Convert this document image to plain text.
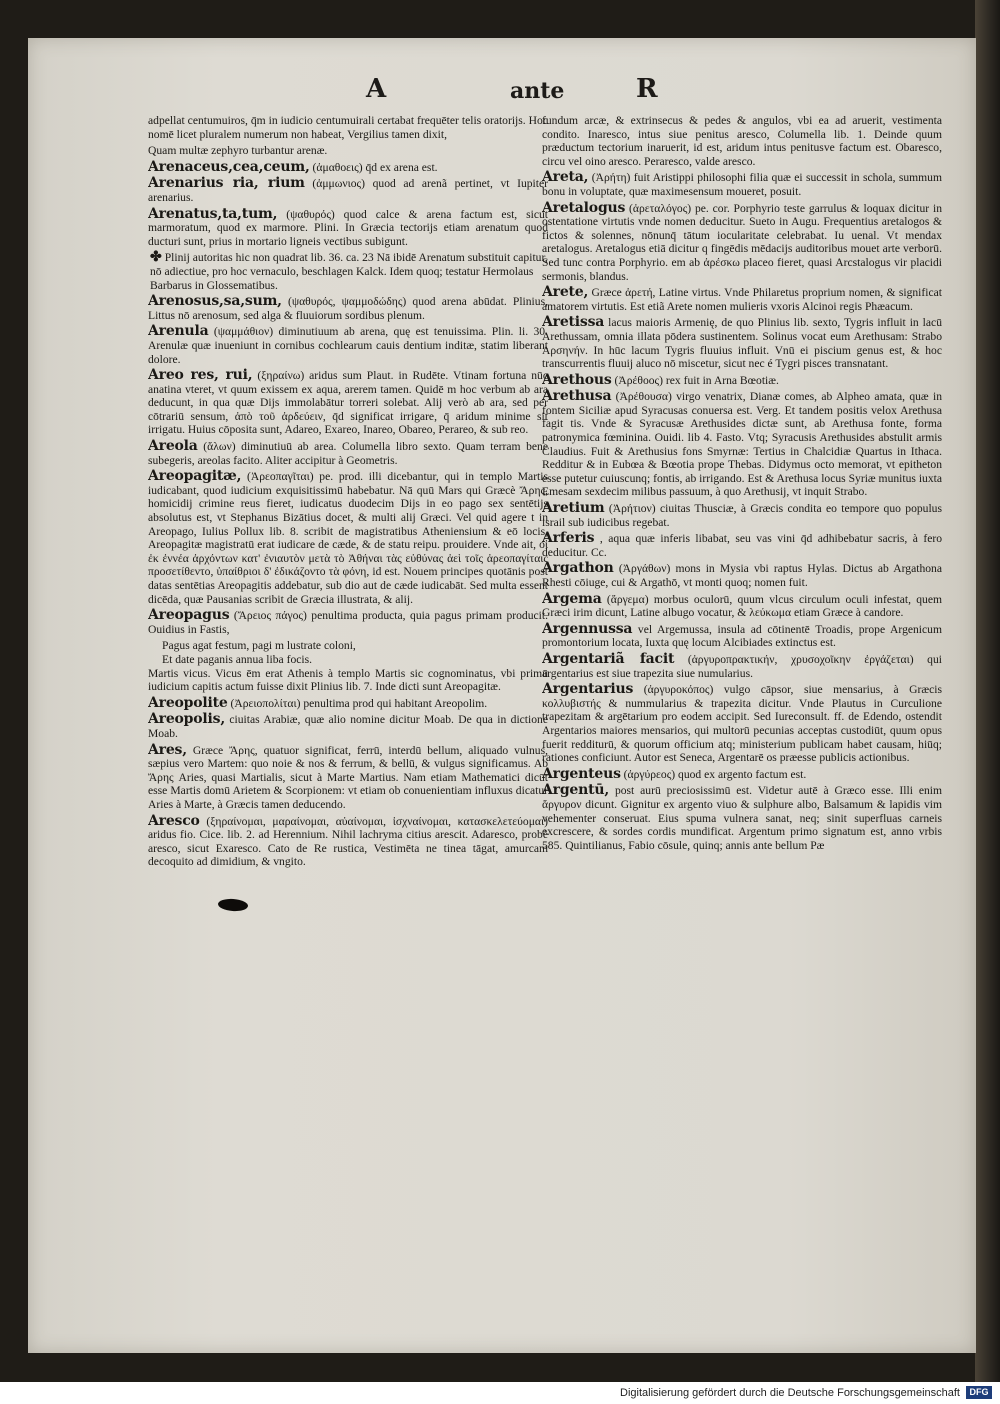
A	ante	R
adpellat centumuiros, q̄m in iudicio centumuirali certabat frequēter telis oratorijs. Hoc nomē licet pluralem numerum non habeat, Vergilius tamen dixit,
Quam multæ zephyro turbantur arenæ.
Arenaceus,cea,ceum, (ἀμαθοεις) q̄d ex arena est.
Arenarius ria, rium (ἀμμωνιος) quod ad arenã pertinet, vt Iupiter arenarius.
Arenatus,ta,tum, (ψαθυρός) quod calce & arena factum est, sicut marmoratum, quod ex marmore. Plini. In Græcia tectorijs etiam arenatum quod ducturi sunt, prius in mortario ligneis vectibus subigunt.
✤ Plinij autoritas hic non quadrat lib. 36. ca. 23 Nā ibidē Arenatum substituit capitur, nō adiectiue, pro hoc vernaculo, beschlagen Kalck. Idem quoq; testatur Hermolaus Barbarus in Glossematibus.
Arenosus,sa,sum, (ψαθυρός, ψαμμοδώδης) quod arena abūdat. Plinius, Littus nō arenosum, sed alga & fluuiorum sordibus plenum.
Arenula (ψαμμάθιον) diminutiuum ab arena, quę est tenuissima. Plin. li. 30. Arenulæ quæ inueniunt in cornibus cochlearum cauis dentium inditæ, statim liberant dolore.
Areo res, rui, (ξηραίνω) aridus sum Plaut. in Rudēte. Vtinam fortuna nūc anatina vteret, vt quum exissem ex aqua, arerem tamen. Quidē m hoc verbum ab ara deducunt, in qua quæ Dijs immolabātur torreri solebat. Alij verò ab ara, sed per cōtrariū sensum, ἀπὸ τοῦ ἀρδεύειν, q̄d significat irrigare, q̄ aridum minime sit irrigatu. Huius cōposita sunt, Adareo, Exareo, Inareo, Obareo, Perareo, & sub reo.
Areola (ἅλων) diminutiuū ab area. Columella libro sexto. Quam terram bene subegeris, areolas facito. Aliter accipitur à Geometris.
Areopagitæ, (Ἀρεοπαγῖται) pe. prod. illi dicebantur, qui in templo Martis iudicabant, quod iudicium exquisitissimū habebatur. Nā quū Mars qui Græcè Ἄρης, homicidij crimine reus fieret, iudicatus duodecim Dijs in eo pago sex sentētijs absolutus est, vt Stephanus Bizātius docet, & multi alij Græci. Vel quid agere t in Areopago, Iulius Pollux lib. 8. scribit de magistratibus Atheniensium & eō locis, Areopagitæ magistratū erat iudicare de cæde, & de statu reipu. prouidere. Vnde ait, οἱ ἐκ ἐννέα ἀρχόντων κατ' ἐνιαυτὸν μετὰ τὸ Ἀθήναι τὰς εὐθύνας ἀεὶ τοῖς ἀρεοπαγίταις προσετίθεντο, ὑπαίθριοι δ' ἐδικάζοντο τὰ φόνη, id est. Nouem principes quotānis post datas sentētias Areopagitis addebatur, sub dio aut de cæde iudicabāt. Sed multa essent dicēda, quæ Pausanias scribit de Græcia illustrata, & alij.
Areopagus (Ἄρειος πάγος) penultima producta, quia pagus primam producit. Ouidius in Fastis,
Pagus agat festum, pagi m lustrate coloni,
Et date paganis annua liba focis.
Martis vicus. Vicus ēm erat Athenis à templo Martis sic cognominatus, vbi primū iudicium capitis actum fuisse dixit Plinius lib. 7. Inde dicti sunt Areopagitæ.
Areopolite (Ἀρειοπολίται) penultima prod qui habitant Areopolim.
Areopolis, ciuitas Arabiæ, quæ alio nomine dicitur Moab. De qua in dictione Moab.
Ares, Græce Ἄρης, quatuor significat, ferrū, interdū bellum, aliquado vulnus, sæpius vero Martem: quo noie & nos & ferrum, & bellū, & vulgus significamus. Ab Ἄρης Aries, quasi Martialis, sicut à Marte Martius. Nam etiam Mathematici dicūt esse Martis domū Arietem & Scorpionem: vt etiam ob conuenientiam influxus dicatur Aries à Marte, à Græcis tamen deducendo.
Aresco (ξηραίνομαι, μαραίνομαι, αὐαίνομαι, ἰσχναίνομαι, κατασκελετεύομαι) aridus fio. Cice. lib. 2. ad Herennium. Nihil lachryma citius arescit. Adaresco, probè aresco, sicut Exaresco. Cato de Re rustica, Vestimēta ne tinea tāgat, amurcam decoquito ad dimidium, & vngito.
fundum arcæ, & extrinsecus & pedes & angulos, vbi ea ad aruerit, vestimenta condito. Inaresco, intus siue penitus aresco, Columella lib. 1. Deinde quum præductum tectorium inaruerit, id est, aridum intus penitusve factum est. Obaresco, circu vel oino aresco. Peraresco, valde aresco.
Areta, (Ἀρήτη) fuit Aristippi philosophi filia quæ ei successit in schola, summum bonu in voluptate, quæ maximesensum moueret, posuit.
Aretalogus (ἀρεταλόγος) pe. cor. Porphyrio teste garrulus & loquax dicitur in ostentatione virtutis vnde nomen deducitur. Sueto in Augu. Frequentius aretalogos & fictos & solennes, nōnunq̄ tātum iocularitate celebrabat. Iu uenal. Vt mendax aretalogus. Aretalogus etiā dicitur q fingēdis mēdacijs auditoribus mouet arte verborū. Sed tunc contra Porphyrio. em ab ἀρέσκω placeo fieret, quasi Arcstalogus vir placidi sermonis, blandus.
Arete, Græce ἀρετή, Latine virtus. Vnde Philaretus proprium nomen, & significat amatorem virtutis. Est etiã Arete nomen mulieris vxoris Alcinoi regis Phæacum.
Aretissa lacus maioris Armenię, de quo Plinius lib. sexto, Tygris influit in lacū Arethussam, omnia illata pōdera sustinentem. Solinus vocat eum Arethusam: Strabo Ἀρσηνήν. In hūc lacum Tygris fluuius influit. Vnū ei piscium genus est, & hoc transcurrentis fluuij aluco nō miscetur, sicut nec é Tygri pisces transnatant.
Arethous (Ἀρέθοος) rex fuit in Arna Bœotiæ.
Arethusa (Ἀρέθουσα) virgo venatrix, Dianæ comes, ab Alpheo amata, quæ in fontem Siciliæ apud Syracusas conuersa est. Verg. Et tandem positis velox Arethusa fagit tis. Vnde & Syracusæ Arethusides dictæ sunt, ab Arethusa fonte, forma patronymica fœminina. Ouidi. lib 4. Fasto. Vtq; Syracusis Arethusides abstulit armis Claudius. Fuit & Arethusius fons Smyrnæ: Tertius in Chalcidiæ Quartus in Ithaca. Redditur & in Eubœa & Bœotia prope Thebas. Didymus octo memorat, vt epitheton esse putetur cuiuscunq; fontis, ab irrigando. Est & Arethusa locus Syriæ munitus iuxta Emesam sexdecim milibus passuum, à quo Arethusij, vt inquit Strabo.
Aretium (Ἀρήτιον) ciuitas Thusciæ, à Græcis condita eo tempore quo populus israil sub iudicibus regebat.
Arferis , aqua quæ inferis libabat, seu vas vini q̄d adhibebatur sacris, à fero deducitur. Cc.
Argathon (Ἀργάθων) mons in Mysia vbi raptus Hylas. Dictus ab Argathona Rhesti cōiuge, cui & Argathō, vt monti quoq; nomen fuit.
Argema (ἄργεμα) morbus oculorū, quum vlcus circulum oculi infestat, quem Græci irim dicunt, Latine albugo vocatur, & λεύκωμα etiam Græce à candore.
Argennussa vel Argemussa, insula ad cōtinentē Troadis, prope Argenicum promontorium locata, Iuxta quę locum Alcibiades extinctus est.
Argentariã facit (ἀργυροπρακτικήν, χρυσοχοῖκην ἐργάζεται) qui argentarius est siue trapezita siue numularius.
Argentarius (ἀργυροκόπος) vulgo cāpsor, siue mensarius, à Græcis κολλυβιστής & nummularius & trapezita dicitur. Vnde Plautus in Curculione trapezitam & argētarium pro eodem accipit. Sed Iureconsult. ff. de Edendo, ostendit Argentarios maiores mensarios, qui multorū pecunias acceptas custodiūt, quum opus fuerit redditurū, & quorum officium atq; ministerium publicam habet causam, hiūq; rationes conficiunt. Autor est Seneca, Argentarē os præesse publicis actionibus.
Argenteus (ἀργύρεος) quod ex argento factum est.
Argentū, post aurū preciosissimū est. Videtur autē à Græco esse. Illi enim ἄργυρον dicunt. Gignitur ex argento viuo & sulphure albo, Balsamum & lapidis vim vehementer conseruat. Eius spuma vulnera sanat, neq; sinit superfluas carneis excrescere, & sordes cordis mundificat. Argentum primo signatum est, anno vrbis 585. Quintilianus, Fabio cōsule, quinq; annis ante bellum Pæ
Digitalisierung gefördert durch die Deutsche Forschungsgemeinschaft	DFG
